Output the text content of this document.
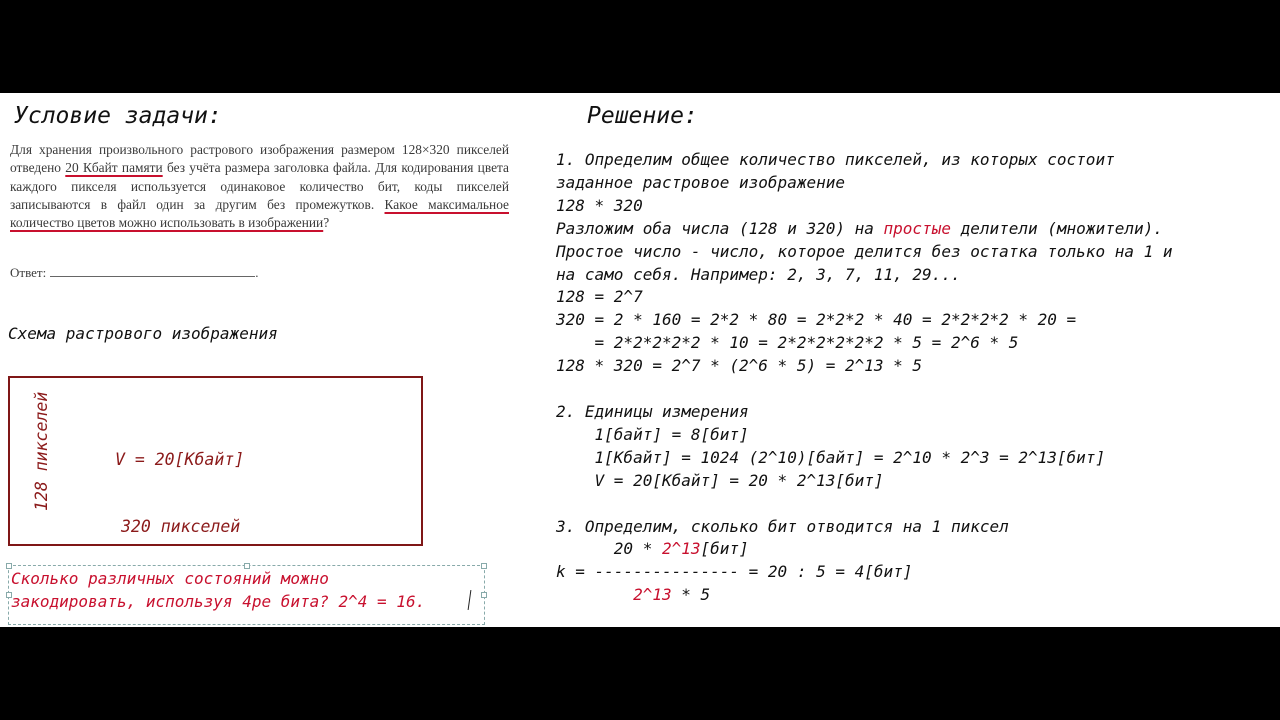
Условие задачи:
Для хранения произвольного растрового изображения размером 128×320 пикселей отведено 20 Кбайт памяти без учёта размера заголовка файла. Для кодирования цвета каждого пикселя используется одинаковое количество бит, коды пикселей записываются в файл один за другим без промежутков. Какое максимальное количество цветов можно использовать в изображении?
Ответ:	.
Схема растрового изображения
V = 20[Кбайт]
320 пикселей
128 пикселей
Сколько различных состояний можно
закодировать, используя 4ре бита? 2^4 = 16.
Решение:
1. Определим общее количество пикселей, из которых состоит
заданное растровое изображение
128 * 320
Разложим оба числа (128 и 320) на простые делители (множители).
Простое число - число, которое делится без остатка только на 1 и
на само себя. Например: 2, 3, 7, 11, 29...
128 = 2^7
320 = 2 * 160 = 2*2 * 80 = 2*2*2 * 40 = 2*2*2*2 * 20 =
= 2*2*2*2*2 * 10 = 2*2*2*2*2*2 * 5 = 2^6 * 5
128 * 320 = 2^7 * (2^6 * 5) = 2^13 * 5

2. Единицы измерения
1[байт] = 8[бит]
1[Кбайт] = 1024 (2^10)[байт] = 2^10 * 2^3 = 2^13[бит]
V = 20[Кбайт] = 20 * 2^13[бит]

3. Определим, сколько бит отводится на 1 пиксел
20 * 2^13[бит]
k = --------------- = 20 : 5 = 4[бит]
2^13 * 5
